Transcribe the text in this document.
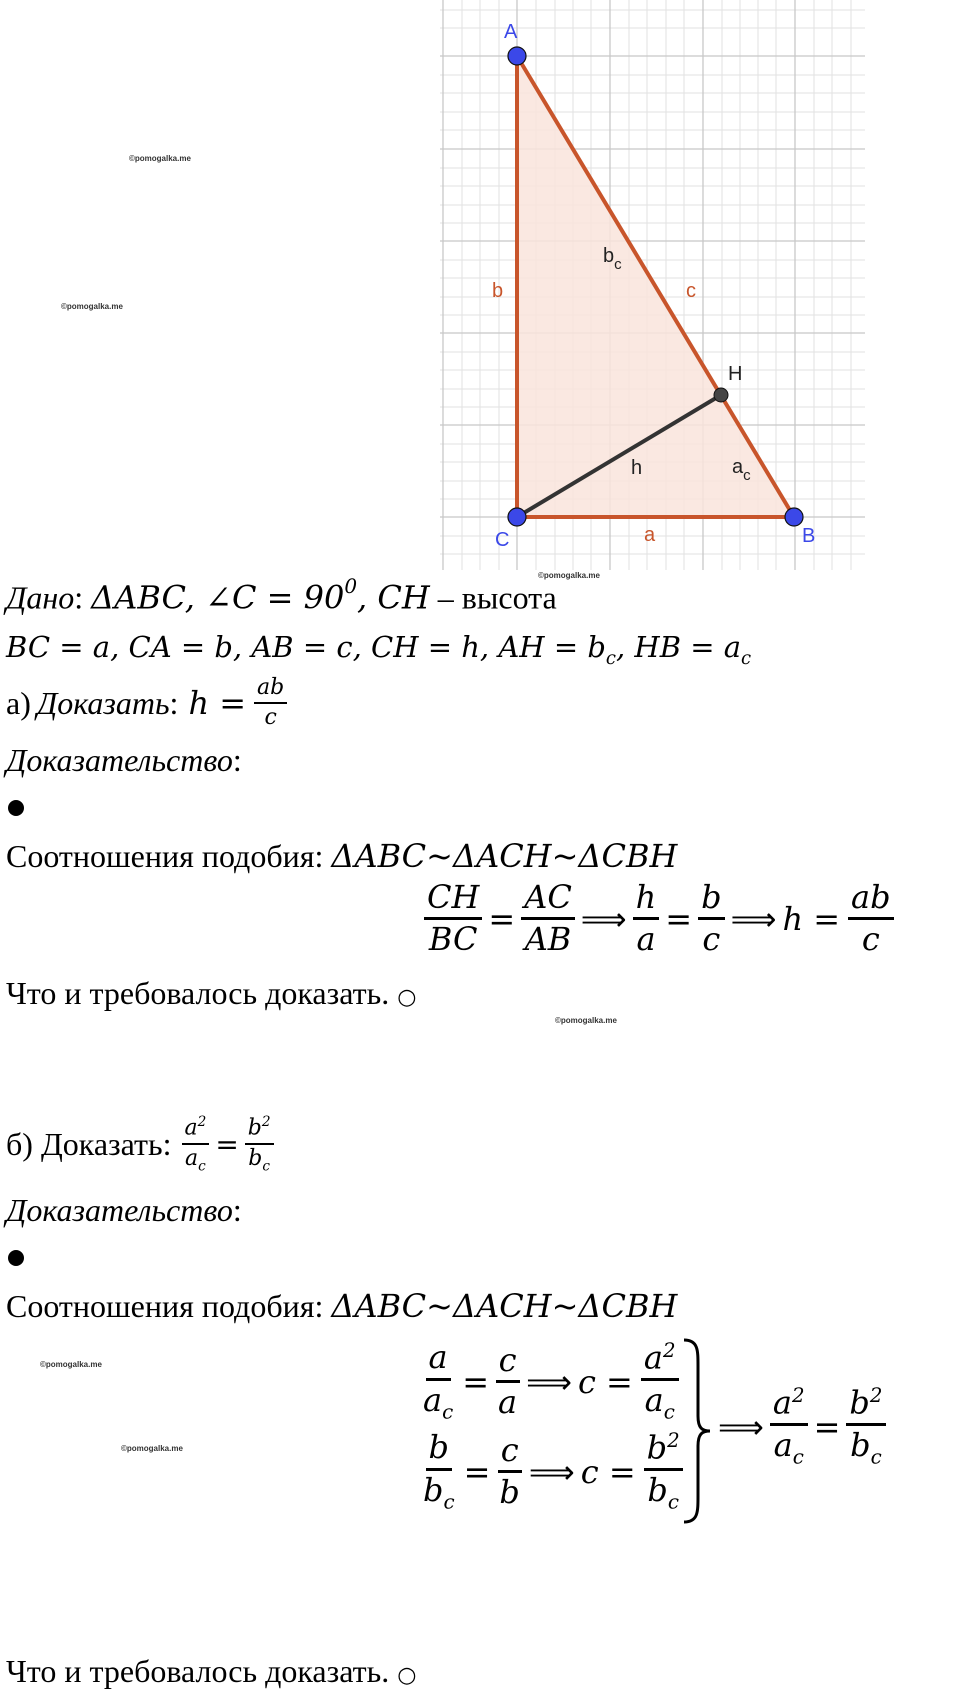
A
C	B
H
b	c
a
h
$b_c$
$a_c$
©pomogalka.me
©pomogalka.me
©pomogalka.me
©pomogalka.me
©pomogalka.me
©pomogalka.me
Дано: ΔABC, ∠C = $90^0$, CH – высота
BC = a, CA = b, AB = c, CH = h, AH = $b_c$, HB = $a_c$
а) Доказать : $h = \frac{ab}{c}$
Доказательство:
Соотношения подобия: ΔABC~ΔACH~ΔCBH
$\frac{CH}{BC} = \frac{AC}{AB}$ ⟹ $\frac{h}{a} = \frac{b}{c}$ ⟹ $h = \frac{ab}{c}$
Что и требовалось доказать. ○
б) Доказать: $\frac{a^2}{a_c} = \frac{b^2}{b_c}$
Доказательство:
Соотношения подобия: ΔABC~ΔACH~ΔCBH
$\frac{a}{a_c} = \frac{c}{a}$ ⟹ $c = \frac{a^2}{a_c}$
$\frac{b}{b_c} = \frac{c}{b}$ ⟹ $c = \frac{b^2}{b_c}$
⟹ $\frac{a^2}{a_c} = \frac{b^2}{b_c}$
Что и требовалось доказать. ○
